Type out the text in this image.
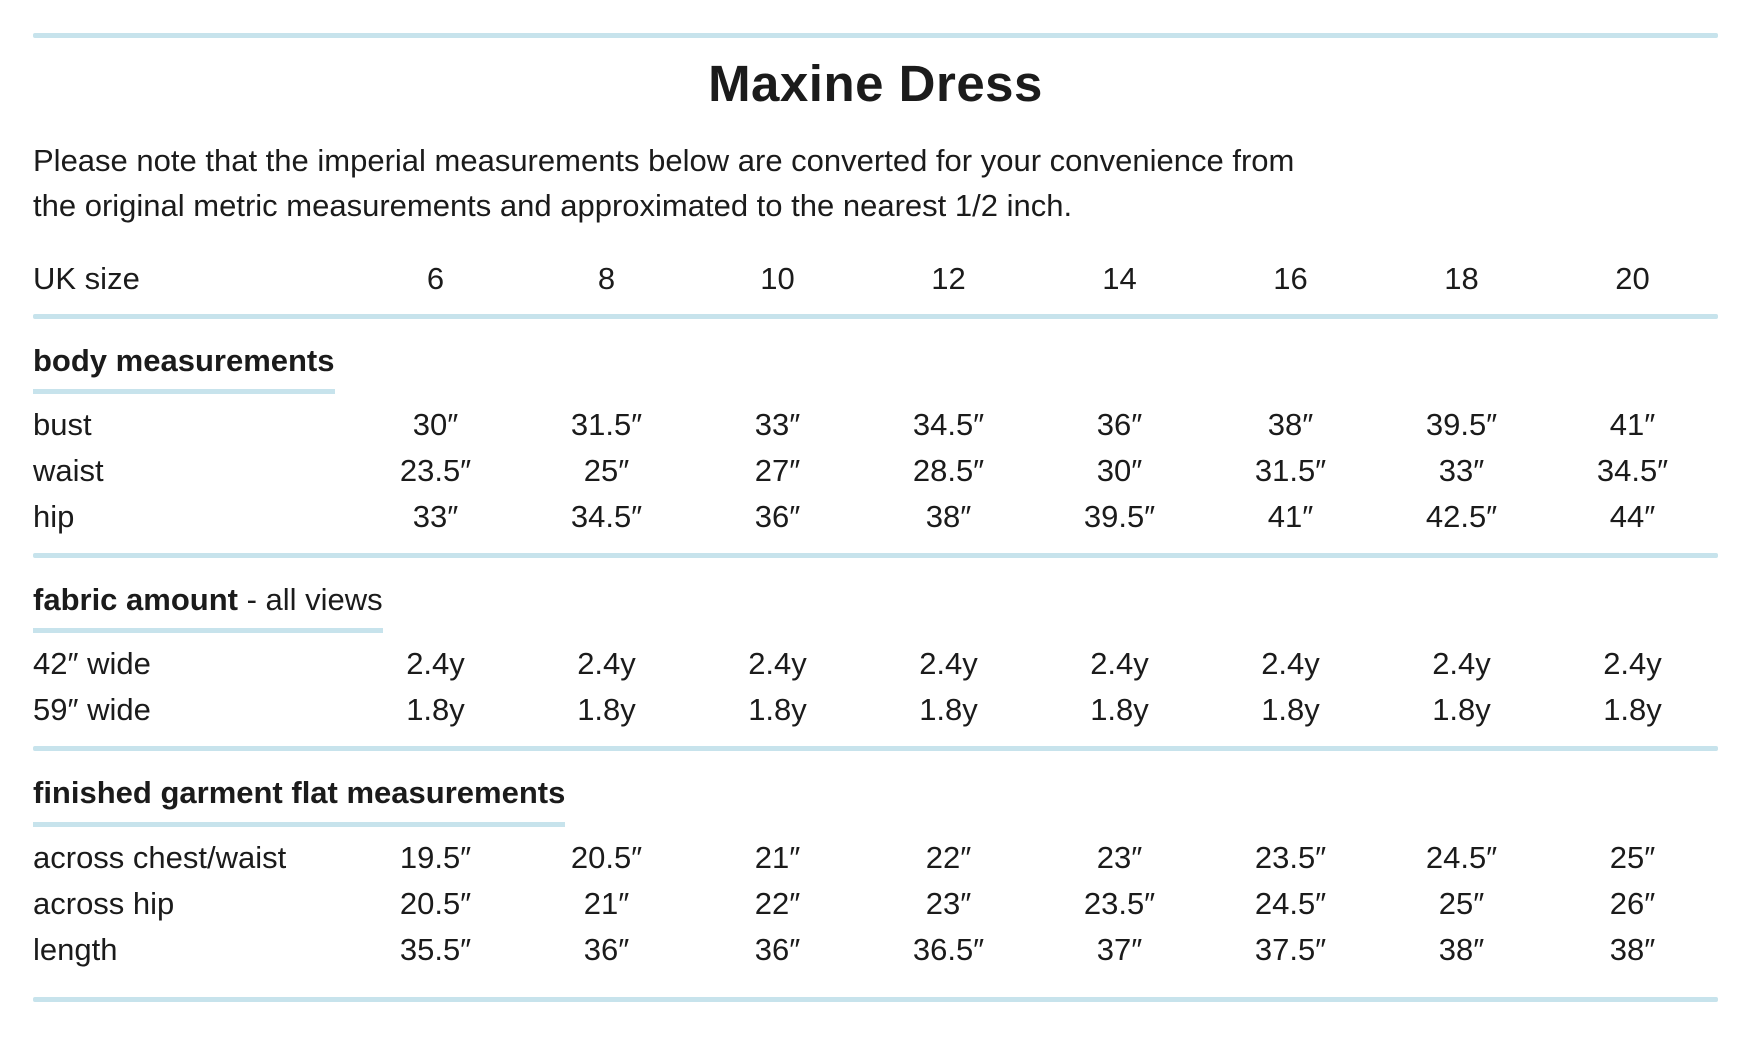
Maxine Dress
Please note that the imperial measurements below are converted for your convenience from
the original metric measurements and approximated to the nearest 1/2 inch.
UK size	6	8	10	12	14	16	18	20
body measurements
bust	30″	31.5″	33″	34.5″	36″	38″	39.5″	41″
waist	23.5″	25″	27″	28.5″	30″	31.5″	33″	34.5″
hip	33″	34.5″	36″	38″	39.5″	41″	42.5″	44″
fabric amount - all views
42″ wide	2.4y	2.4y	2.4y	2.4y	2.4y	2.4y	2.4y	2.4y
59″ wide	1.8y	1.8y	1.8y	1.8y	1.8y	1.8y	1.8y	1.8y
finished garment flat measurements
across chest/waist	19.5″	20.5″	21″	22″	23″	23.5″	24.5″	25″
across hip	20.5″	21″	22″	23″	23.5″	24.5″	25″	26″
length	35.5″	36″	36″	36.5″	37″	37.5″	38″	38″
